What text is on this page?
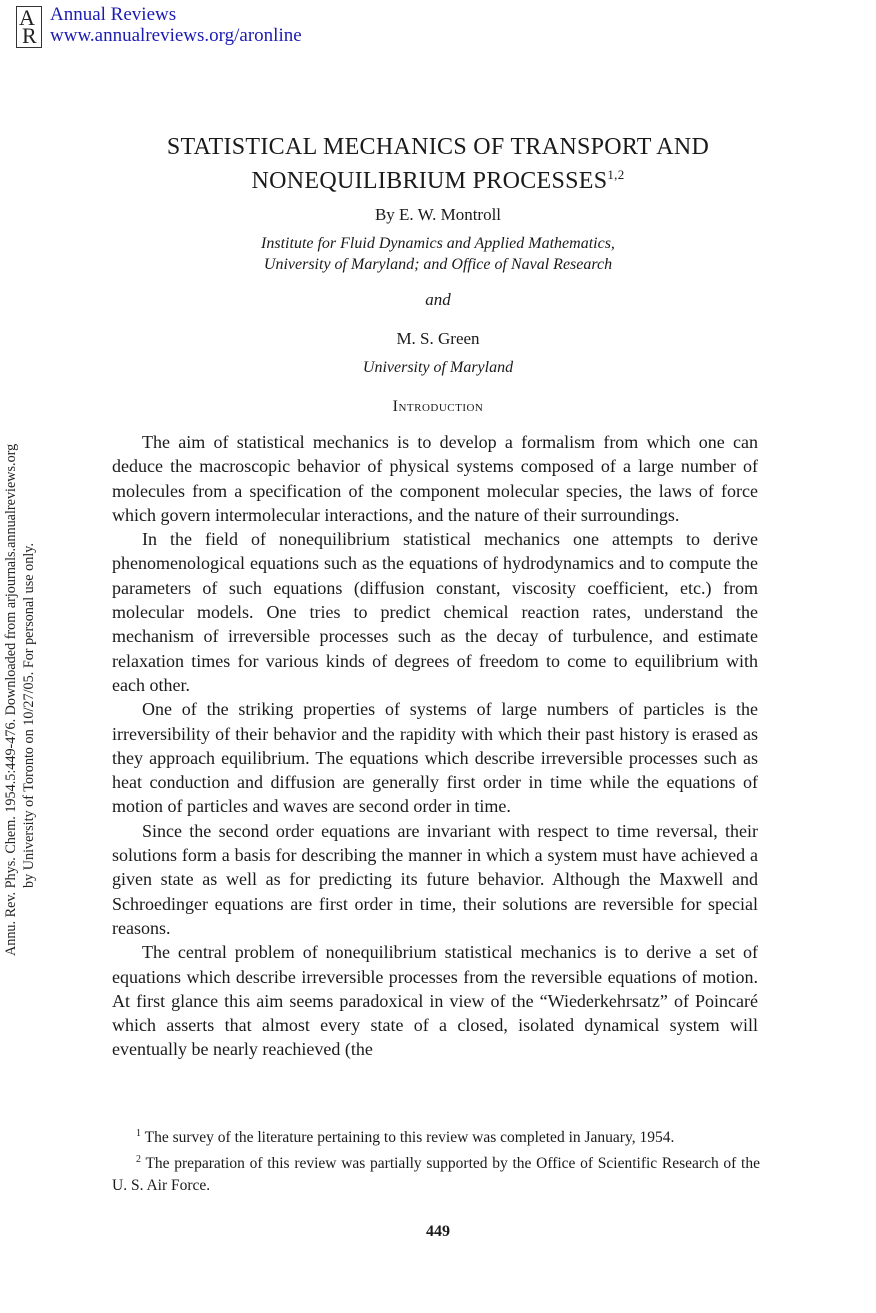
A
R
Annual Reviews
www.annualreviews.org/aronline
Annu. Rev. Phys. Chem. 1954.5:449-476. Downloaded from arjournals.annualreviews.org by University of Toronto on 10/27/05. For personal use only.
STATISTICAL MECHANICS OF TRANSPORT AND
NONEQUILIBRIUM PROCESSES$^{1,2}$
By E. W. Montroll
Institute for Fluid Dynamics and Applied Mathematics,
University of Maryland; and Office of Naval Research
and
M. S. Green
University of Maryland
Introduction

The aim of statistical mechanics is to develop a formalism from which one can deduce the macroscopic behavior of physical systems composed of a large number of molecules from a specification of the component molecular species, the laws of force which govern intermolecular interactions, and the nature of their surroundings.

In the field of nonequilibrium statistical mechanics one attempts to derive phenomenological equations such as the equations of hydrodynamics and to compute the parameters of such equations (diffusion constant, viscosity coefficient, etc.) from molecular models. One tries to predict chemical reaction rates, understand the mechanism of irreversible processes such as the decay of turbulence, and estimate relaxation times for various kinds of degrees of freedom to come to equilibrium with each other.

One of the striking properties of systems of large numbers of particles is the irreversibility of their behavior and the rapidity with which their past history is erased as they approach equilibrium. The equations which describe irreversible processes such as heat conduction and diffusion are generally first order in time while the equations of motion of particles and waves are second order in time.

Since the second order equations are invariant with respect to time reversal, their solutions form a basis for describing the manner in which a system must have achieved a given state as well as for predicting its future behavior. Although the Maxwell and Schroedinger equations are first order in time, their solutions are reversible for special reasons.

The central problem of nonequilibrium statistical mechanics is to derive a set of equations which describe irreversible processes from the reversible equations of motion. At first glance this aim seems paradoxical in view of the “Wiederkehrsatz” of Poincaré which asserts that almost every state of a closed, isolated dynamical system will eventually be nearly reachieved (the

$^1$ The survey of the literature pertaining to this review was completed in January, 1954.

$^2$ The preparation of this review was partially supported by the Office of Scientific Research of the U. S. Air Force.

449
